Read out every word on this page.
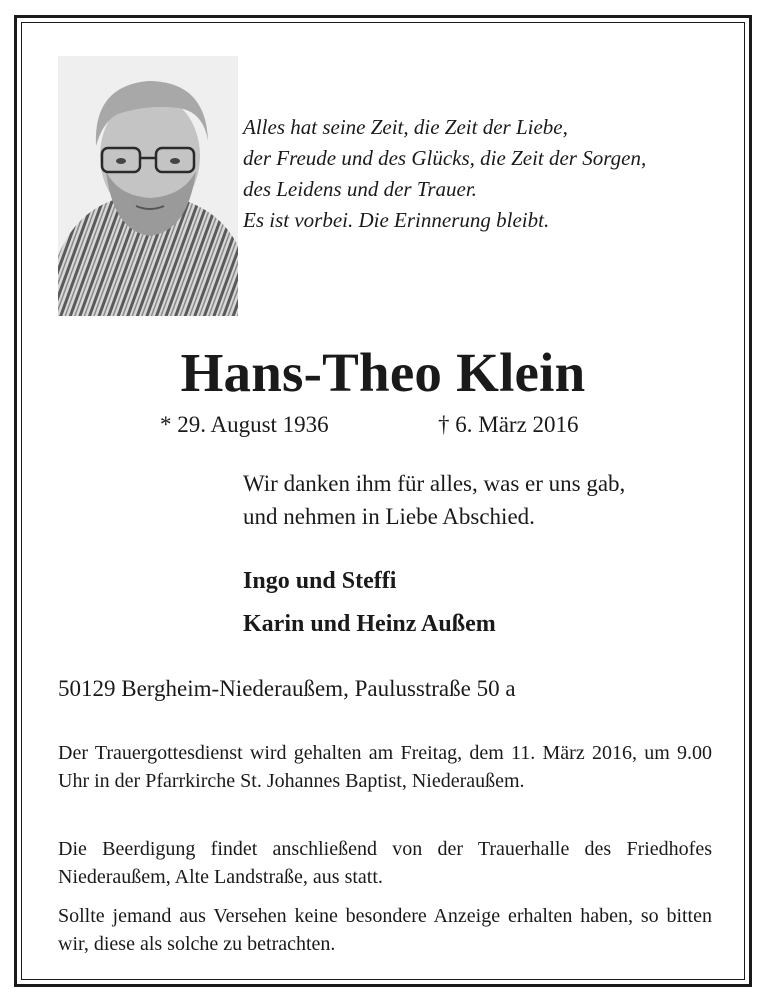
Alles hat seine Zeit, die Zeit der Liebe,
der Freude und des Glücks, die Zeit der Sorgen,
des Leidens und der Trauer.
Es ist vorbei. Die Erinnerung bleibt.
Hans-Theo Klein
* 29. August 1936	† 6. März 2016
Wir danken ihm für alles, was er uns gab,
und nehmen in Liebe Abschied.
Ingo und Steffi
Karin und Heinz Außem
50129 Bergheim-Niederaußem, Paulusstraße 50 a
Der Trauergottesdienst wird gehalten am Freitag, dem 11. März 2016, um 9.00 Uhr in der Pfarrkirche St. Johannes Baptist, Niederaußem.
Die Beerdigung findet anschließend von der Trauerhalle des Friedhofes Niederaußem, Alte Landstraße, aus statt.
Sollte jemand aus Versehen keine besondere Anzeige erhalten haben, so bitten wir, diese als solche zu betrachten.
